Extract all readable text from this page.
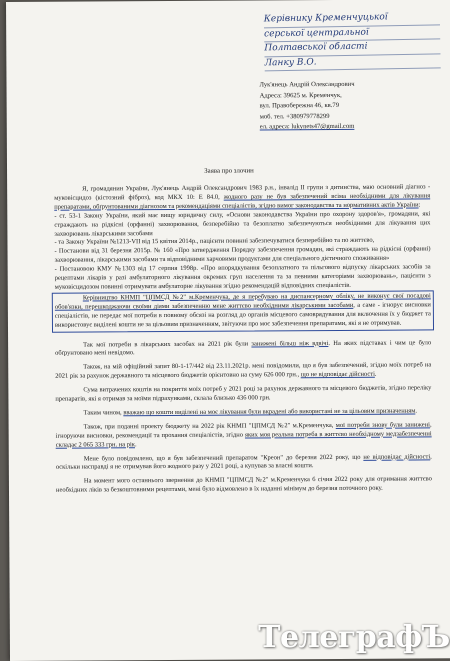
Керівнику Кременчуцької
серської центральної
Полтавської області
Ланку В.О.
Лук'янець Андрій Олександрович
Адреса: 39625 м. Кременчук,
вул. Правобережна 46, кв.79
моб. тел. +380979778299
ел. адреса: lukynets47@gmail.com
Заява про злочин

Я, громадянин України, Лук'янець Андрій Олександрович 1983 р.н., інвалід ІІ групи з дитинства, маю основний діагноз - муковісцидоз (кістозний фіброз), код МКХ 10: Е 84.0, жодного разу не був забезпечений всіма необхідними для лікування препаратами, обґрунтованими діагнозом та рекомендаціями спеціалістів, згідно вимог законодавства та нормативних актів України:

- ст. 53-1 Закону України, який має вищу юридичну силу, «Основи законодавства України про охорону здоров'я», громадяни, які страждають на рідкісні (орфанні) захворювання, безперебійно та безоплатно забезпечуються необхідними для лікування цих захворювань лікарськими засобами

- та Закону України №1213-VІІ від 15 квітня 2014р., пацієнти повинні забезпечуватися безперебійно та по життєво,

- Постанови від 31 березня 2015р. № 160 «Про затвердження Порядку забезпечення громадян, які страждають на рідкісні (орфанні) захворювання, лікарськими засобами та відповідними харчовими продуктами для спеціального дієтичного споживання»

- Постановою КМУ №1303 від 17 серпня 1998р. «Про впорядкування безоплатного та пільгового відпуску лікарських засобів за рецептами лікарів у разі амбулаторного лікування окремих груп населення та за певними категоріями захворювань», пацієнти з муковісцидозом повинні отримувати амбулаторне лікування згідно рекомендацій відповідних спеціалістів.

Керівництво КНМП "ЦПМСД №2" м.Кременчука, де я перебуваю на диспансерному обліку, не виконує свої посадові обов'язки, перешкоджаючи своїми діями забезпеченню мене життєво необхідними лікарськими засобами, а саме - ігнорує висновки спеціалістів, не передає мої потреби в повному обсязі на розгляд до органів місцевого самоврядування для включення їх у бюджет та використовує виділені кошти не за цільовим призначенням, звітуючи про моє забезпечення препаратами, які я не отримував.

Так мої потреби в лікарських засобах на 2021 рік були занижені більш ніж вдвічі. На яких підставах і чим це було обґрунтовано мені невідомо.

Також, на мій офіційний запит 80-1-17/442 від 23.11.2021р. мені повідомили, що я був забезпечений, згідно моїх потреб на 2021 рік за рахунок державного та місцевого бюджетів орієнтовно на суму 626 000 грн., що не відповідає дійсності.

Сума витрачених коштів на покриття моїх потреб у 2021 році за рахунок державного та місцевого бюджетів, згідно переліку препаратів, які я отримав за моїми підрахунками, склала близько 436 000 грн.

Таким чином, вважаю що кошти виділені на моє лікування були вкрадені або використані не за цільовим призначенням.

Також, при поданні проекту бюджету на 2022 рік КНМП "ЦПМСД №2" м.Кременчука, мої потреби знову були занижені, ігноруючи висновки, рекомендації та прохання спеціалістів, згідно яких моя реальна потреба в життєво необхідному медзабезпеченні складає 2 065 333 грн. на рік.

Мене було повідомлено, що я був забезпечений препаратом "Креон" до березня 2022 року, що не відповідає дійсності, оскільки насправді я не отримував його жодного разу у 2021 році, а купував за власні кошти.

На момент мого останнього звернення до КНМП "ЦПМСД №2" м.Кременчука 6 січня 2022 року для отримання життєво необхідних ліків за безкоштовними рецептами, мені було відмовлено в їх наданні мінімум до березня поточного року.

ТелеграфЪ
